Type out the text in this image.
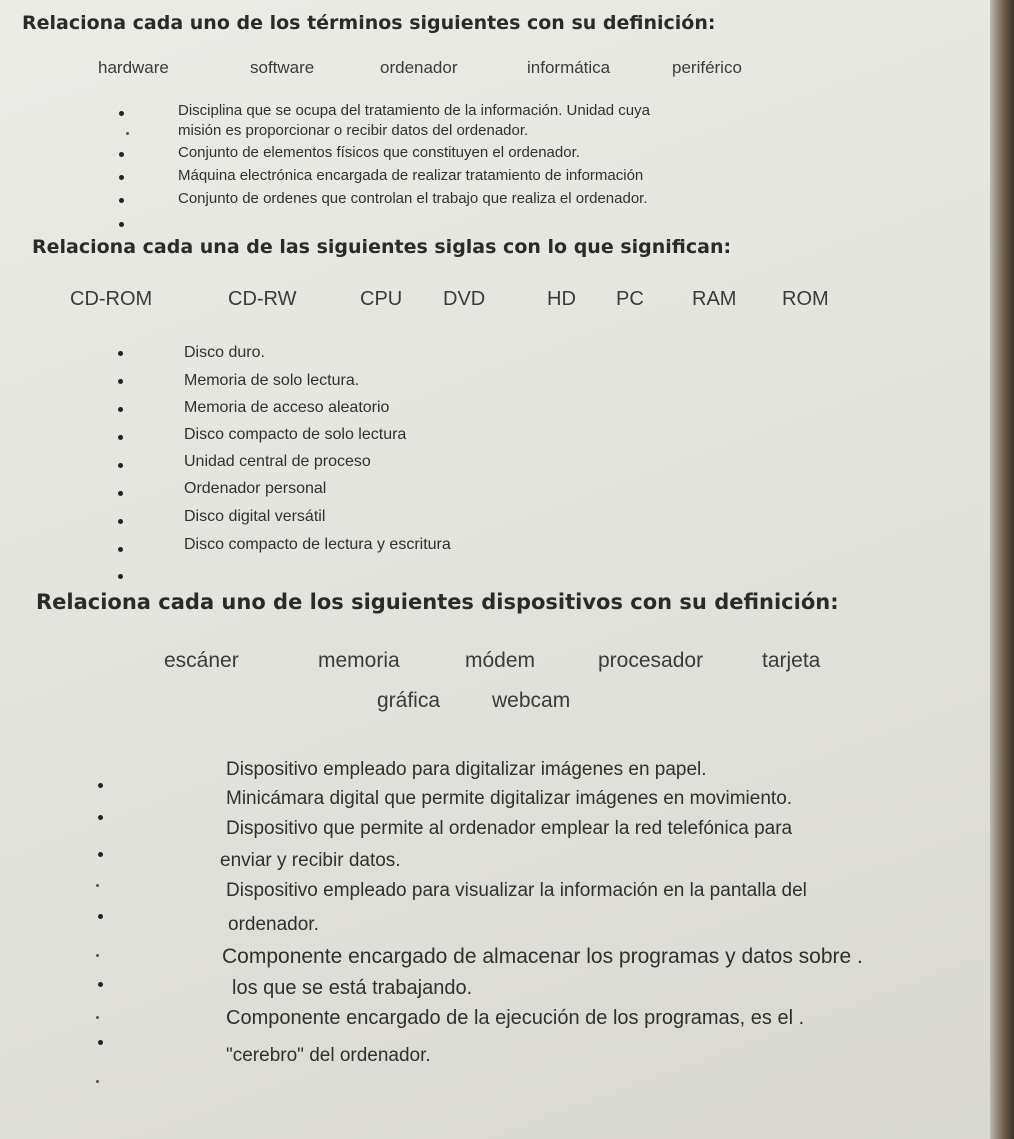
Relaciona cada uno de los términos siguientes con su definición:
hardware	software	ordenador	informática	periférico
Disciplina que se ocupa del tratamiento de la información. Unidad cuya
misión es proporcionar o recibir datos del ordenador.
Conjunto de elementos físicos que constituyen el ordenador.
Máquina electrónica encargada de realizar tratamiento de información
Conjunto de ordenes que controlan el trabajo que realiza el ordenador.
Relaciona cada una de las siguientes siglas con lo que significan:
CD-ROM	CD-RW	CPU DVD	HD PC RAM ROM
Disco duro.
Memoria de solo lectura.
Memoria de acceso aleatorio
Disco compacto de solo lectura
Unidad central de proceso
Ordenador personal
Disco digital versátil
Disco compacto de lectura y escritura
Relaciona cada uno de los siguientes dispositivos con su definición:
escáner	memoria	módem	procesador	tarjeta
gráfica webcam
Dispositivo empleado para digitalizar imágenes en papel.
Minicámara digital que permite digitalizar imágenes en movimiento.
Dispositivo que permite al ordenador emplear la red telefónica para
enviar y recibir datos.
Dispositivo empleado para visualizar la información en la pantalla del
ordenador.
Componente encargado de almacenar los programas y datos sobre .
los que se está trabajando.
Componente encargado de la ejecución de los programas, es el .
"cerebro" del ordenador.
